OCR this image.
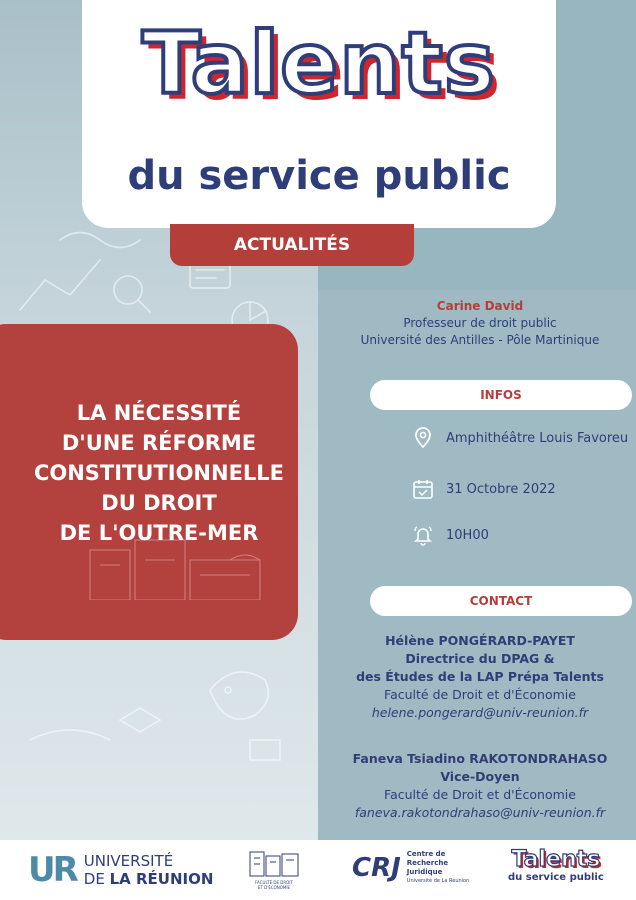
Talents
du service public
ACTUALITÉS
Carine David
Professeur de droit public
Université des Antilles - Pôle Martinique
LA NÉCESSITÉ
D'UNE RÉFORME
CONSTITUTIONNELLE
DU DROIT
DE L'OUTRE-MER
INFOS
Amphithéâtre Louis Favoreu
31 Octobre 2022
10H00
CONTACT
Hélène PONGÉRARD-PAYET
Directrice du DPAG &
des Études de la LAP Prépa Talents
Faculté de Droit et d'Économie
helene.pongerard@univ-reunion.fr
Faneva Tsiadino RAKOTONDRAHASO
Vice-Doyen
Faculté de Droit et d'Économie
faneva.rakotondrahaso@univ-reunion.fr
UR UNIVERSITÉ
DE LA RÉUNION	FACULTÉ DE DROIT
ET D'ÉCONOMIE
CRJ Centre de
Recherche
Juridique
Université de La Réunion
Talents
du service public
